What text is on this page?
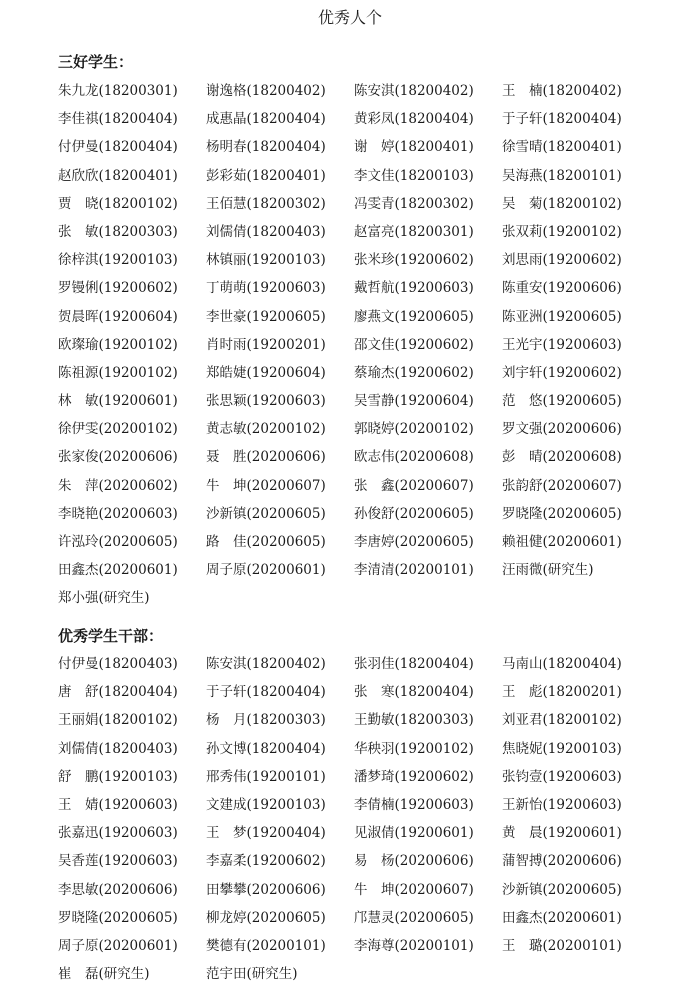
优秀人个
三好学生：
朱九龙(18200301)	谢逸格(18200402)	陈安淇(18200402)	王　楠(18200402)
李佳祺(18200404)	成惠晶(18200404)	黄彩凤(18200404)	于子轩(18200404)
付伊曼(18200404)	杨明春(18200404)	谢　婷(18200401)	徐雪晴(18200401)
赵欣欣(18200401)	彭彩茹(18200401)	李文佳(18200103)	吴海燕(18200101)
贾　晓(18200102)	王佰慧(18200302)	冯雯青(18200302)	吴　菊(18200102)
张　敏(18200303)	刘儒倩(18200403)	赵富亮(18200301)	张双莉(19200102)
徐梓淇(19200103)	林镇丽(19200103)	张米珍(19200602)	刘思雨(19200602)
罗镘俐(19200602)	丁萌萌(19200603)	戴哲航(19200603)	陈重安(19200606)
贺晨晖(19200604)	李世豪(19200605)	廖燕文(19200605)	陈亚洲(19200605)
欧璨瑜(19200102)	肖时雨(19200201)	邵文佳(19200602)	王光宇(19200603)
陈祖源(19200102)	郑皓婕(19200604)	蔡瑜杰(19200602)	刘宇轩(19200602)
林　敏(19200601)	张思颖(19200603)	吴雪静(19200604)	范　悠(19200605)
徐伊雯(20200102)	黄志敏(20200102)	郭晓婷(20200102)	罗文强(20200606)
张家俊(20200606)	聂　胜(20200606)	欧志伟(20200608)	彭　晴(20200608)
朱　萍(20200602)	牛　坤(20200607)	张　鑫(20200607)	张韵舒(20200607)
李晓艳(20200603)	沙新镇(20200605)	孙俊舒(20200605)	罗晓隆(20200605)
许泓玲(20200605)	路　佳(20200605)	李唐婷(20200605)	赖祖健(20200601)
田鑫杰(20200601)	周子原(20200601)	李清清(20200101)	汪雨微(研究生)
郑小强(研究生)
优秀学生干部：
付伊曼(18200403)	陈安淇(18200402)	张羽佳(18200404)	马南山(18200404)
唐　舒(18200404)	于子轩(18200404)	张　寒(18200404)	王　彪(18200201)
王丽娟(18200102)	杨　月(18200303)	王勤敏(18200303)	刘亚君(18200102)
刘儒倩(18200403)	孙文博(18200404)	华秧羽(19200102)	焦晓妮(19200103)
舒　鹏(19200103)	邢秀伟(19200101)	潘梦琦(19200602)	张钧壹(19200603)
王　婧(19200603)	文建成(19200103)	李倩楠(19200603)	王新怡(19200603)
张嘉迅(19200603)	王　梦(19200404)	见淑倩(19200601)	黄　晨(19200601)
吴香莲(19200603)	李嘉柔(19200602)	易　杨(20200606)	蒲智搏(20200606)
李思敏(20200606)	田攀攀(20200606)	牛　坤(20200607)	沙新镇(20200605)
罗晓隆(20200605)	柳龙婷(20200605)	邝慧灵(20200605)	田鑫杰(20200601)
周子原(20200601)	樊德有(20200101)	李海尊(20200101)	王　璐(20200101)
崔　磊(研究生)	范宇田(研究生)
